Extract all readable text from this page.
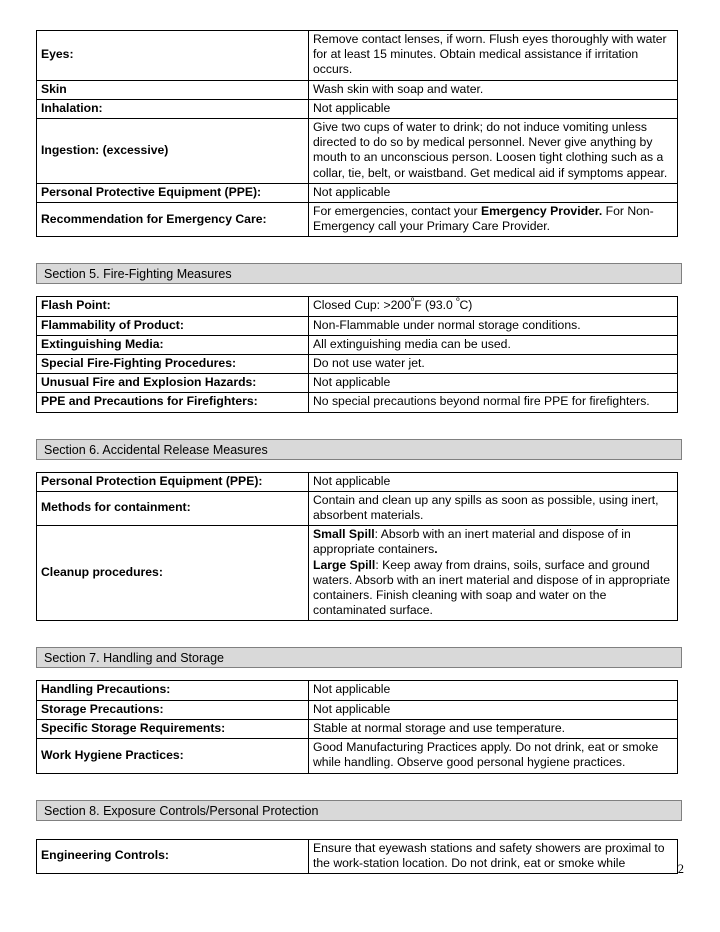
Eyes:	Remove contact lenses, if worn. Flush eyes thoroughly with water for at least 15 minutes. Obtain medical assistance if irritation occurs.
Skin	Wash skin with soap and water.
Inhalation:	Not applicable
Ingestion: (excessive)	Give two cups of water to drink; do not induce vomiting unless directed to do so by medical personnel. Never give anything by mouth to an unconscious person. Loosen tight clothing such as a collar, tie, belt, or waistband. Get medical aid if symptoms appear.
Personal Protective Equipment (PPE):	Not applicable
Recommendation for Emergency Care:	For emergencies, contact your Emergency Provider. For Non-Emergency call your Primary Care Provider.
Section 5. Fire-Fighting Measures
Flash Point:	Closed Cup: $>200^ºF$ (93.0 $^º$C)
Flammability of Product:	Non-Flammable under normal storage conditions.
Extinguishing Media:	All extinguishing media can be used.
Special Fire-Fighting Procedures:	Do not use water jet.
Unusual Fire and Explosion Hazards:	Not applicable
PPE and Precautions for Firefighters:	No special precautions beyond normal fire PPE for firefighters.
Section 6. Accidental Release Measures
Personal Protection Equipment (PPE):	Not applicable
Methods for containment:	Contain and clean up any spills as soon as possible, using inert, absorbent materials.
Cleanup procedures:	Small Spill: Absorb with an inert material and dispose of in appropriate containers.
Large Spill: Keep away from drains, soils, surface and ground waters. Absorb with an inert material and dispose of in appropriate containers. Finish cleaning with soap and water on the contaminated surface.
Section 7. Handling and Storage
Handling Precautions:	Not applicable
Storage Precautions:	Not applicable
Specific Storage Requirements:	Stable at normal storage and use temperature.
Work Hygiene Practices:	Good Manufacturing Practices apply. Do not drink, eat or smoke while handling. Observe good personal hygiene practices.
Section 8. Exposure Controls/Personal Protection
Engineering Controls:	Ensure that eyewash stations and safety showers are proximal to the work-station location. Do not drink, eat or smoke while	2
